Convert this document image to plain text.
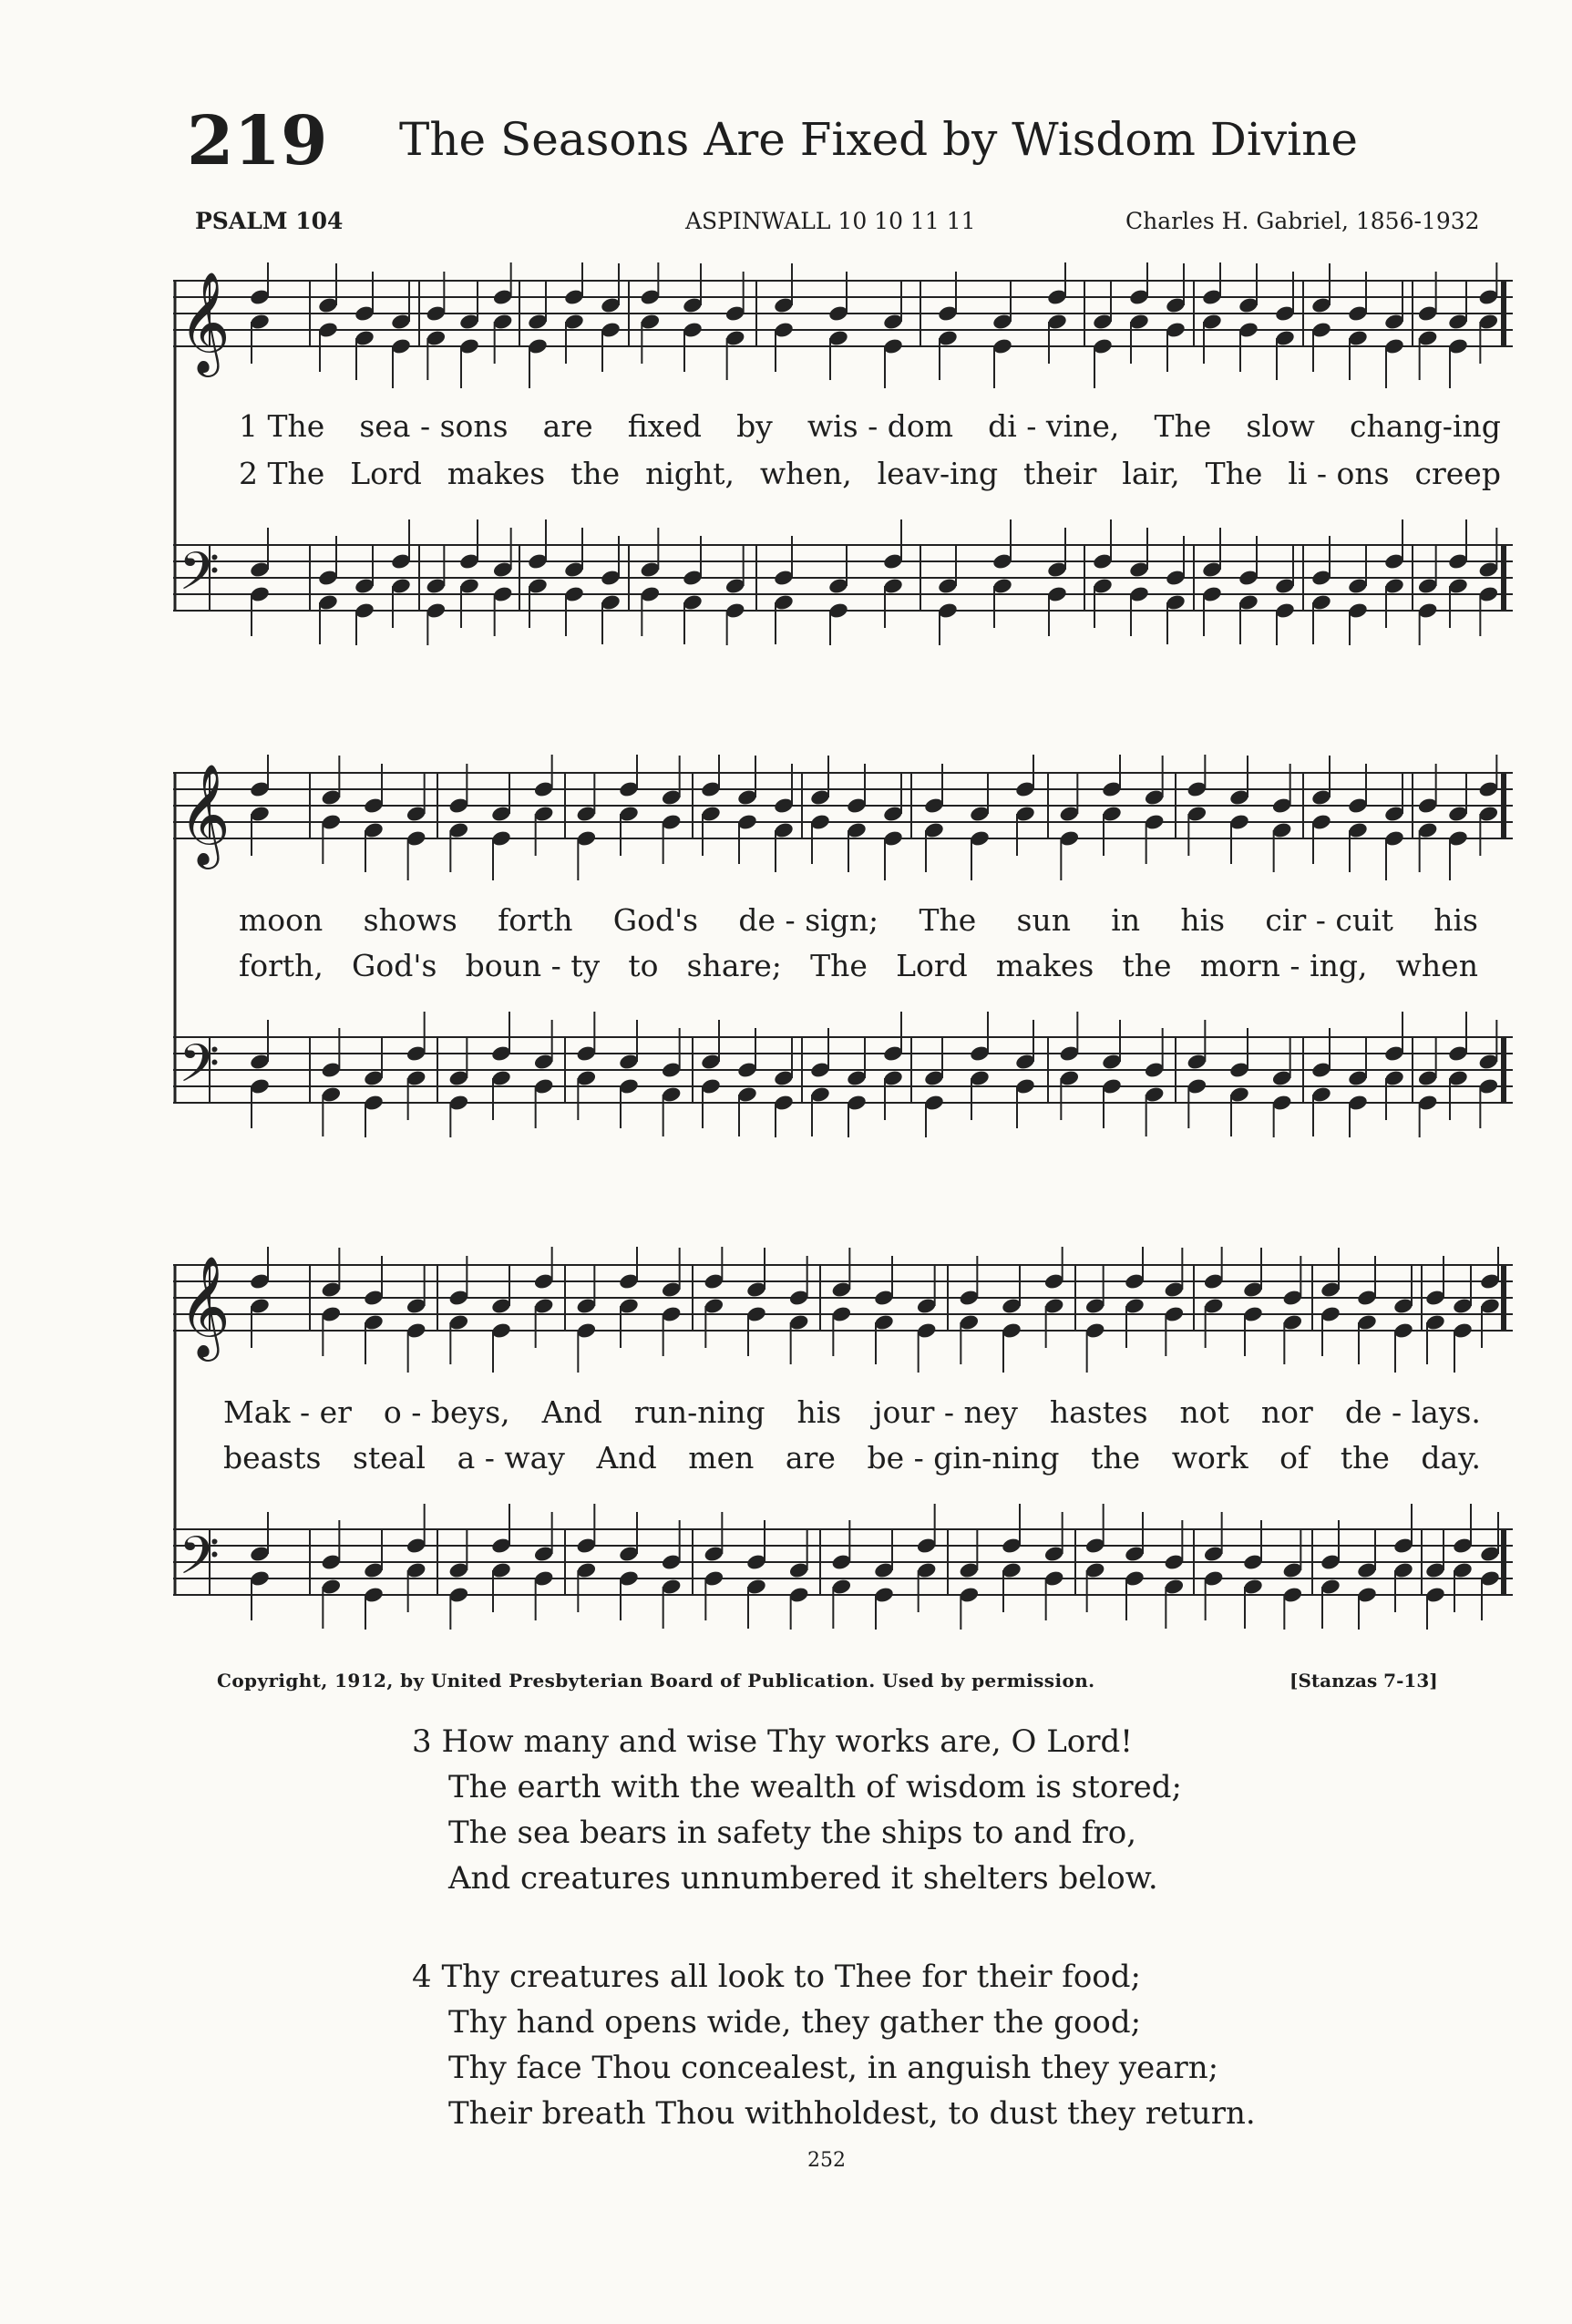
219 The Seasons Are Fixed by Wisdom Divine
PSALM 104	ASPINWALL 10 10 11 11	Charles H. Gabriel, 1856-1932
𝄞
𝄢
𝄞
𝄢
𝄞
𝄢
1 The sea - sons are fixed by wis - dom di - vine, The slow chang-ing
2 The Lord makes the night, when, leav-ing their lair, The li - ons creep
moon shows forth God's de - sign; The sun in his cir - cuit his
forth, God's boun - ty to share; The Lord makes the morn - ing, when
Mak - er o - beys, And run-ning his jour - ney hastes not nor de - lays.
beasts steal a - way And men are be - gin-ning the work of the day.
Copyright, 1912, by United Presbyterian Board of Publication. Used by permission.	[Stanzas 7-13]
3 How many and wise Thy works are, O Lord!
The earth with the wealth of wisdom is stored;
The sea bears in safety the ships to and fro,
And creatures unnumbered it shelters below.
4 Thy creatures all look to Thee for their food;
Thy hand opens wide, they gather the good;
Thy face Thou concealest, in anguish they yearn;
Their breath Thou withholdest, to dust they return.
252
